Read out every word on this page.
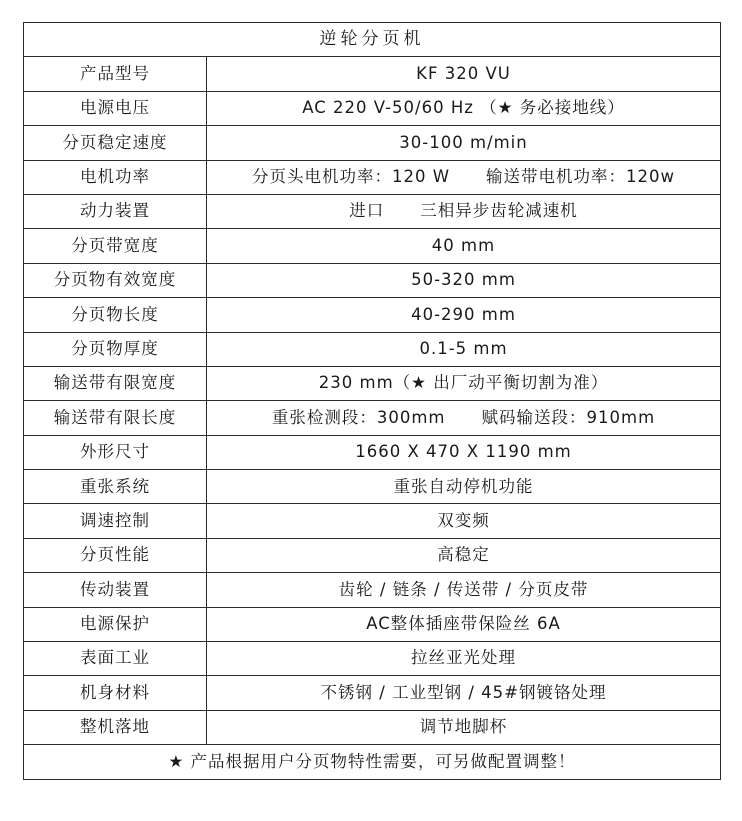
逆轮分页机	
产品型号	KF 320 VU
电源电压	AC 220 V-50/60 Hz （★ 务必接地线）
分页稳定速度	30-100 m/min
电机功率	分页头电机功率：120 W 输送带电机功率：120w
动力装置	进口 三相异步齿轮减速机
分页带宽度	40 mm
分页物有效宽度	50-320 mm
分页物长度	40-290 mm
分页物厚度	0.1-5 mm
输送带有限宽度	230 mm（★ 出厂动平衡切割为准）
输送带有限长度	重张检测段：300mm 赋码输送段：910mm
外形尺寸	1660 X 470 X 1190 mm
重张系统	重张自动停机功能
调速控制	双变频
分页性能	高稳定
传动装置	齿轮 / 链条 / 传送带 / 分页皮带
电源保护	AC整体插座带保险丝 6A
表面工业	拉丝亚光处理
机身材料	不锈钢 / 工业型钢 / 45#钢镀铬处理
整机落地	调节地脚杯
★ 产品根据用户分页物特性需要，可另做配置调整！	
